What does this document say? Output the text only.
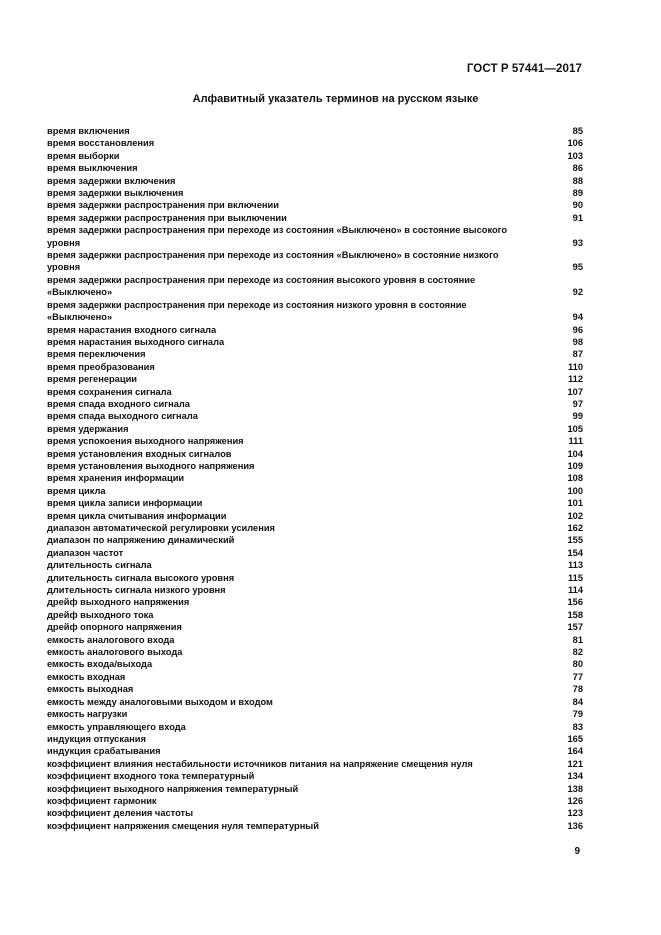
ГОСТ Р 57441—2017
Алфавитный указатель терминов на русском языке
время включения	85
время восстановления	106
время выборки	103
время выключения	86
время задержки включения	88
время задержки выключения	89
время задержки распространения при включении	90
время задержки распространения при выключении	91
время задержки распространения при переходе из состояния «Выключено» в состояние высокого
уровня	93
время задержки распространения при переходе из состояния «Выключено» в состояние низкого
уровня	95
время задержки распространения при переходе из состояния высокого уровня в состояние
«Выключено»	92
время задержки распространения при переходе из состояния низкого уровня в состояние
«Выключено»	94
время нарастания входного сигнала	96
время нарастания выходного сигнала	98
время переключения	87
время преобразования	110
время регенерации	112
время сохранения сигнала	107
время спада входного сигнала	97
время спада выходного сигнала	99
время удержания	105
время успокоения выходного напряжения	111
время установления входных сигналов	104
время установления выходного напряжения	109
время хранения информации	108
время цикла	100
время цикла записи информации	101
время цикла считывания информации	102
диапазон автоматической регулировки усиления	162
диапазон по напряжению динамический	155
диапазон частот	154
длительность сигнала	113
длительность сигнала высокого уровня	115
длительность сигнала низкого уровня	114
дрейф выходного напряжения	156
дрейф выходного тока	158
дрейф опорного напряжения	157
емкость аналогового входа	81
емкость аналогового выхода	82
емкость входа/выхода	80
емкость входная	77
емкость выходная	78
емкость между аналоговыми выходом и входом	84
емкость нагрузки	79
емкость управляющего входа	83
индукция отпускания	165
индукция срабатывания	164
коэффициент влияния нестабильности источников питания на напряжение смещения нуля	121
коэффициент входного тока температурный	134
коэффициент выходного напряжения температурный	138
коэффициент гармоник	126
коэффициент деления частоты	123
коэффициент напряжения смещения нуля температурный	136
9
